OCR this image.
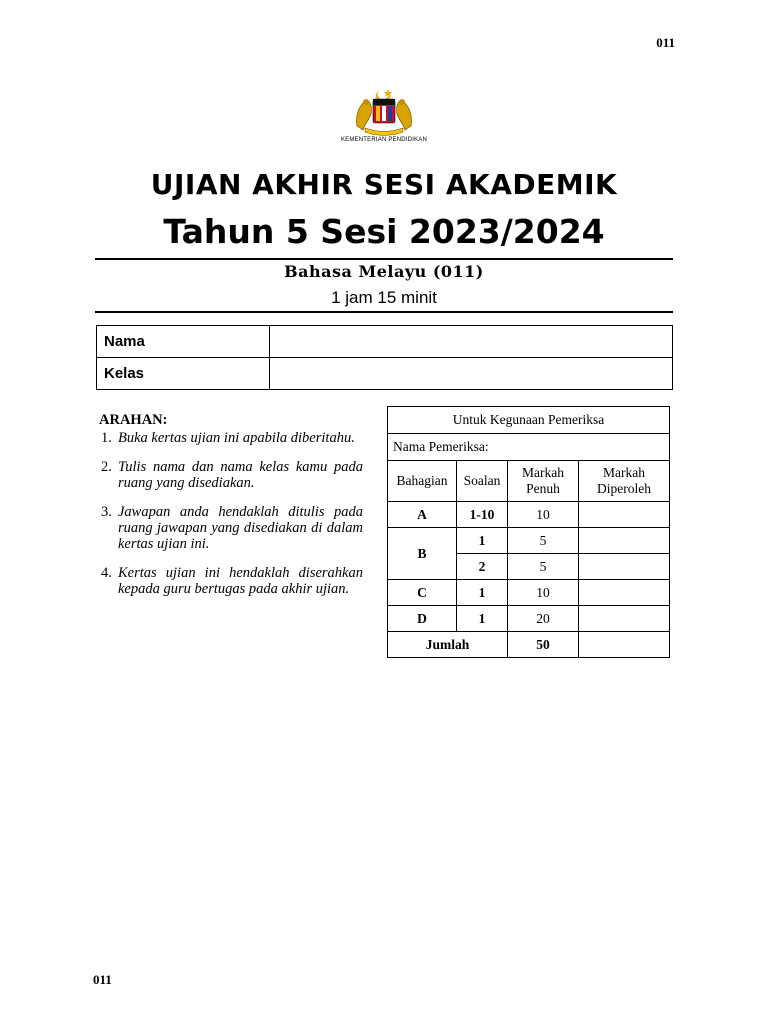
011
KEMENTERIAN PENDIDIKAN
UJIAN AKHIR SESI AKADEMIK
Tahun 5 Sesi 2023/2024
Bahasa Melayu (011)
1 jam 15 minit
Nama	
Kelas	
ARAHAN:
1. Buka kertas ujian ini apabila diberitahu.
2. Tulis nama dan nama kelas kamu pada ruang yang disediakan.
3. Jawapan anda hendaklah ditulis pada ruang jawapan yang disediakan di dalam kertas ujian ini.
4. Kertas ujian ini hendaklah diserahkan kepada guru bertugas pada akhir ujian.
Untuk Kegunaan Pemeriksa			
Nama Pemeriksa:			
Bahagian	Soalan	Markah Penuh	Markah Diperoleh
A	1-10	10	
B	1	5	
	2	5	
C	1	10	
D	1	20	
Jumlah		50	
011
